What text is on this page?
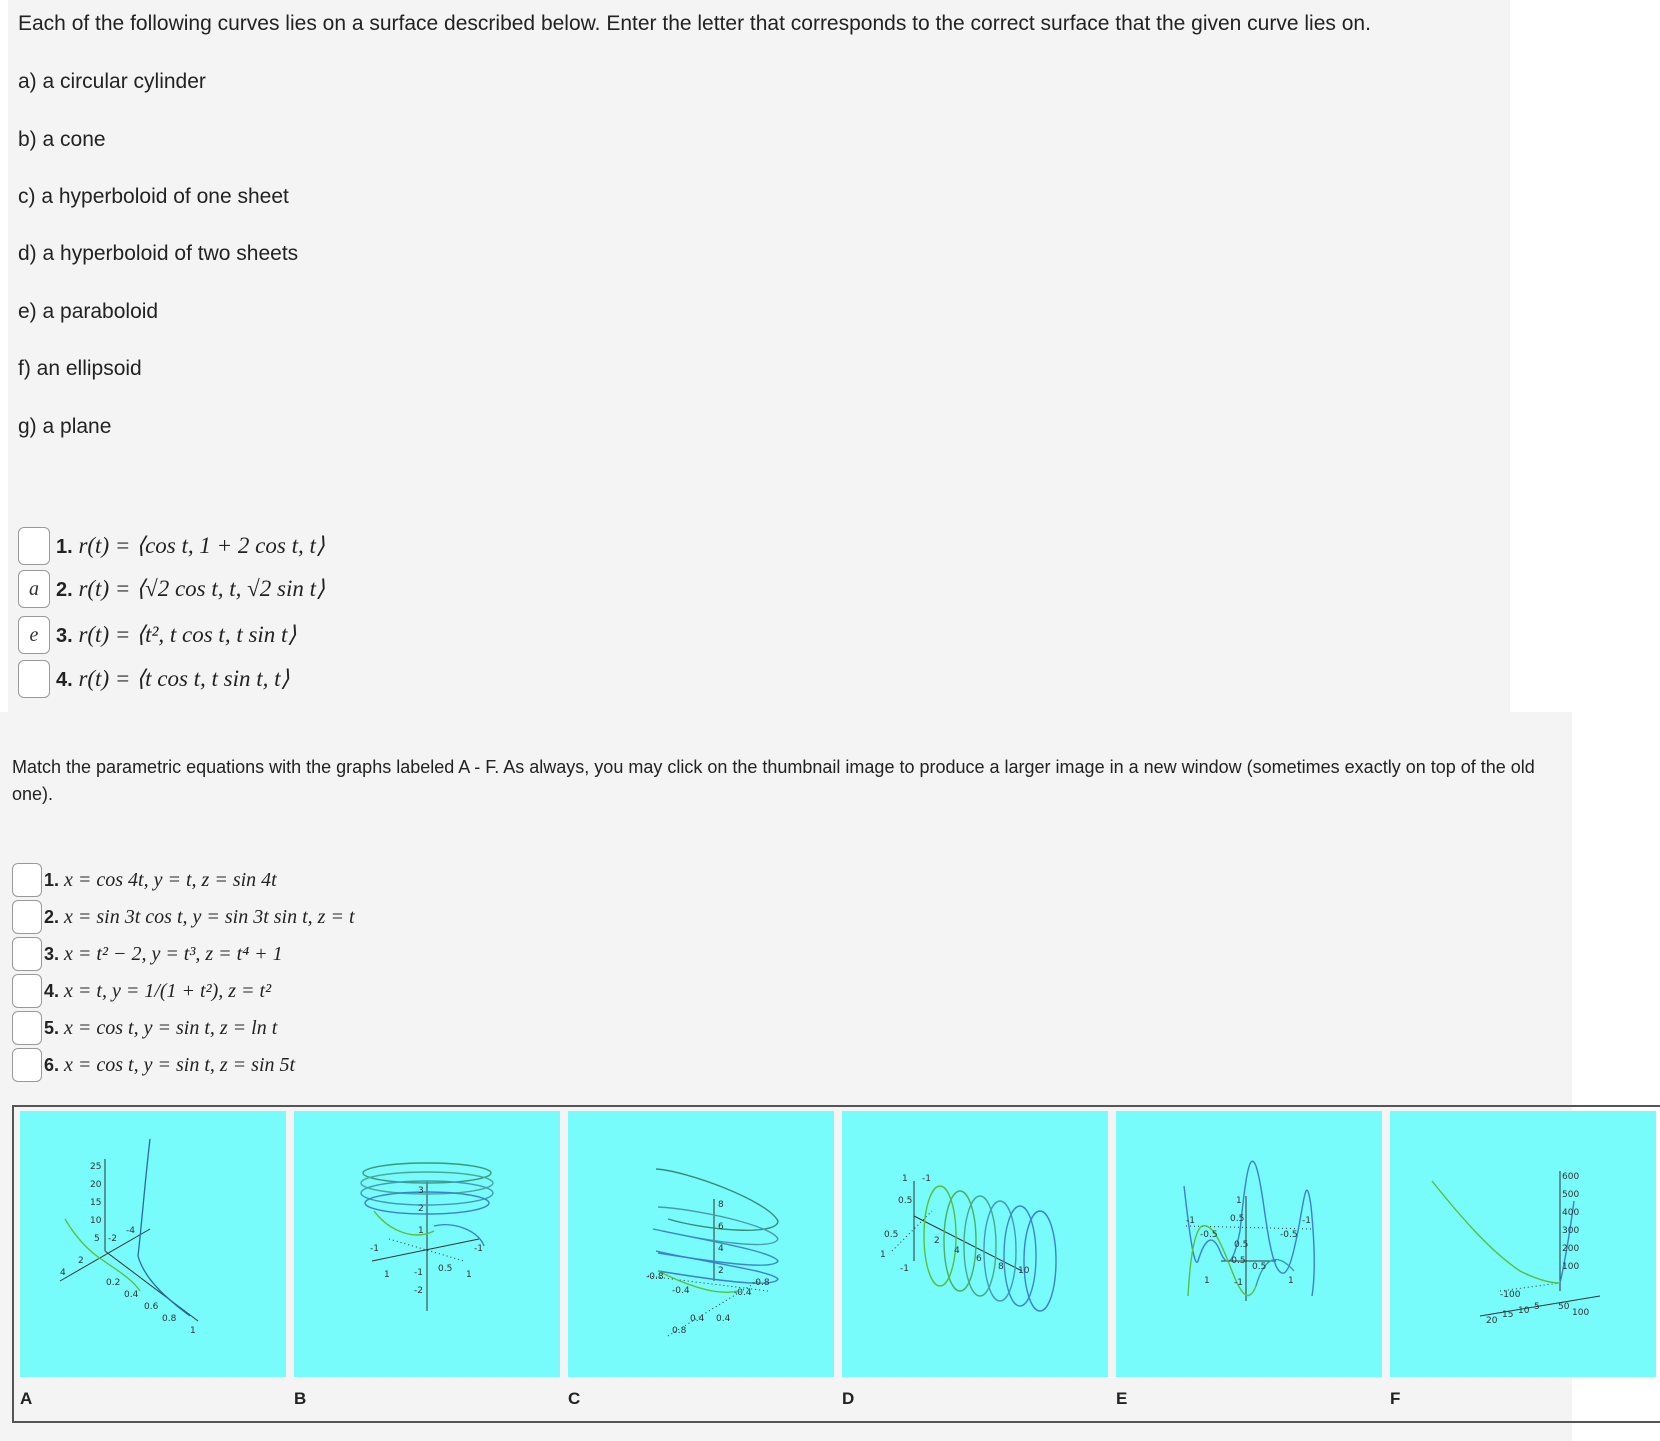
Each of the following curves lies on a surface described below. Enter the letter that corresponds to the correct surface that the given curve lies on.
a) a circular cylinder
b) a cone
c) a hyperboloid of one sheet
d) a hyperboloid of two sheets
e) a paraboloid
f) an ellipsoid
g) a plane
1. r(t) = ⟨cos t, 1 + 2 cos t, t⟩
a 2. r(t) = ⟨√2 cos t, t, √2 sin t⟩
e 3. r(t) = ⟨t², t cos t, t sin t⟩
4. r(t) = ⟨t cos t, t sin t, t⟩
Match the parametric equations with the graphs labeled A - F. As always, you may click on the thumbnail image to produce a larger image in a new window (sometimes exactly on top of the old one).
1. x = cos 4t, y = t, z = sin 4t
2. x = sin 3t cos t, y = sin 3t sin t, z = t
3. x = t² − 2, y = t³, z = t⁴ + 1
4. x = t, y = 1/(1 + t²), z = t²
5. x = cos t, y = sin t, z = ln t
6. x = cos t, y = sin t, z = sin 5t
25
20
15
10
5 -2
-4
2
4
0.2
0.4
0.6
0.8
1
3
2
1
-1
-2
-1
1
-1
0.5
1
8
6
4
2
-0.8
-0.4
0.4
0.8
-0.4
-0.8
0.4
1 -1
0.5
0.5
1
-1
2
4
6
8 10
1
0.5
-1
-0.5	-0.5
-1
-0.5
0.5
1	-1
0.5
1
600
500
400
300
200
100
-100
20
15 10 5 50
100
A	B	C	D	E	F
